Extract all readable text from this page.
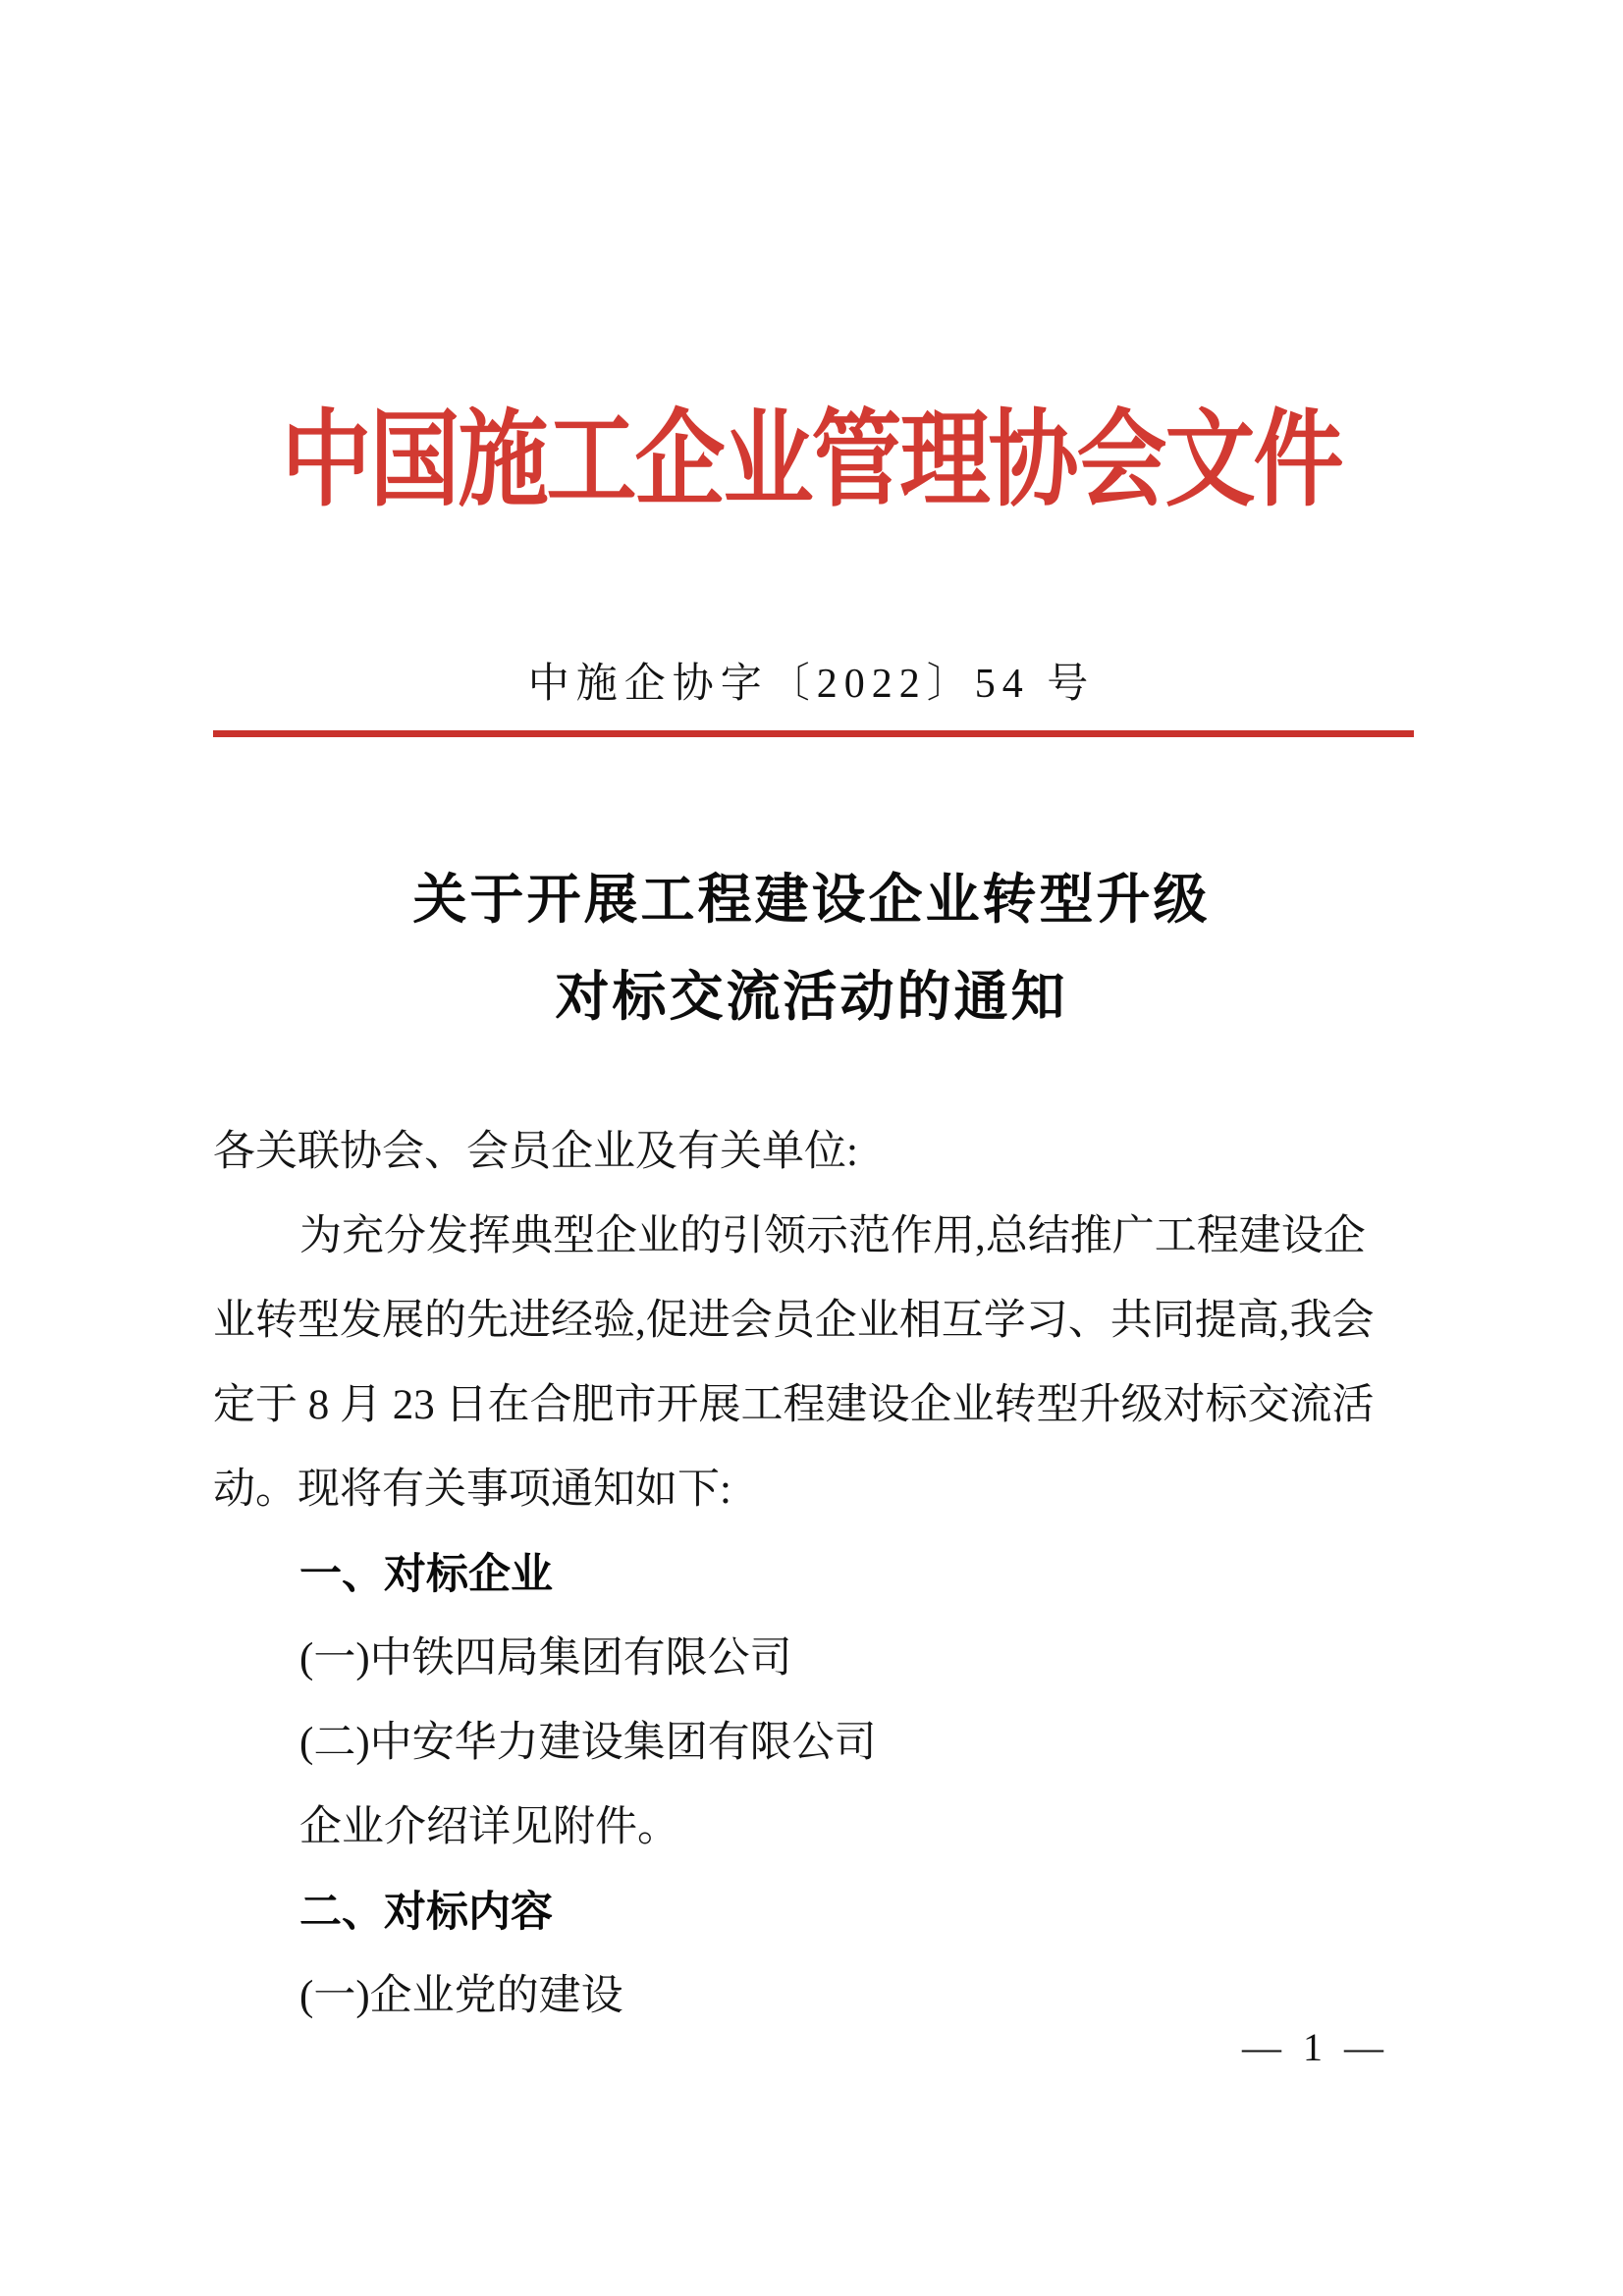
中国施工企业管理协会文件
中施企协字〔2022〕54 号
关于开展工程建设企业转型升级
对标交流活动的通知
各关联协会、会员企业及有关单位:
为充分发挥典型企业的引领示范作用,总结推广工程建设企
业转型发展的先进经验,促进会员企业相互学习、共同提高,我会
定于 8 月 23 日在合肥市开展工程建设企业转型升级对标交流活
动。现将有关事项通知如下:
一、对标企业
(一)中铁四局集团有限公司
(二)中安华力建设集团有限公司
企业介绍详见附件。
二、对标内容
(一)企业党的建设
— 1 —
